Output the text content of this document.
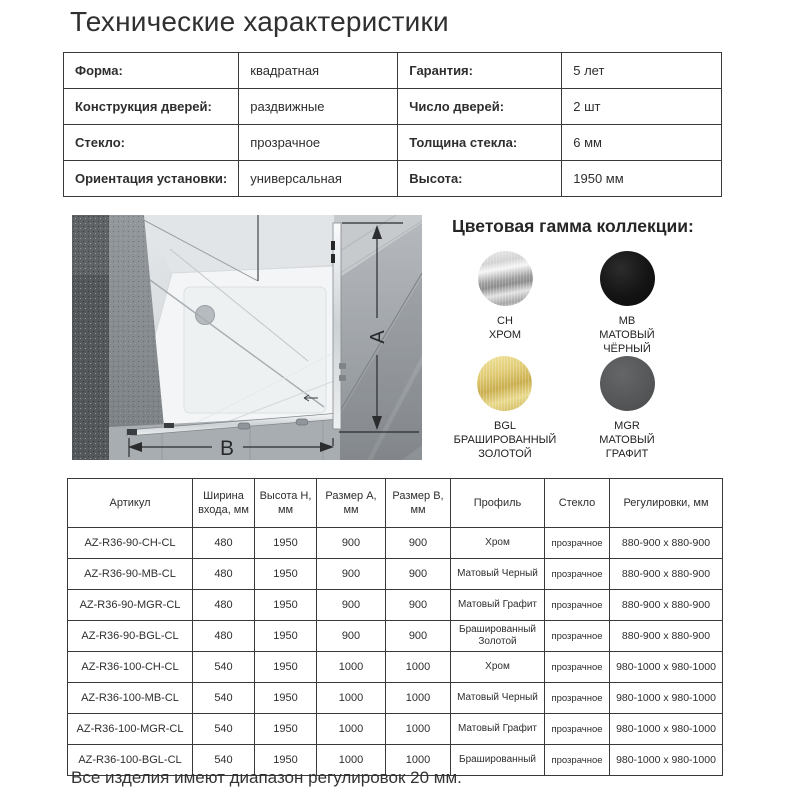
Технические характеристики
Форма:	квадратная	Гарантия:	5 лет
Конструкция дверей:	раздвижные	Число дверей:	2 шт
Стекло:	прозрачное	Толщина стекла:	6 мм
Ориентация установки:	универсальная	Высота:	1950 мм
A
B
Цветовая гамма коллекции:
CH
ХРОМ
MB
МАТОВЫЙ
ЧЁРНЫЙ
BGL
БРАШИРОВАННЫЙ
ЗОЛОТОЙ
MGR
МАТОВЫЙ
ГРАФИТ
Артикул	Ширина входа, мм	Высота H, мм	Размер A, мм	Размер B, мм	Профиль	Стекло	Регулировки, мм
AZ-R36-90-CH-CL	480	1950	900	900	Хром	прозрачное	880-900 x 880-900
AZ-R36-90-MB-CL	480	1950	900	900	Матовый Черный	прозрачное	880-900 x 880-900
AZ-R36-90-MGR-CL	480	1950	900	900	Матовый Графит	прозрачное	880-900 x 880-900
AZ-R36-90-BGL-CL	480	1950	900	900	Брашированный Золотой	прозрачное	880-900 x 880-900
AZ-R36-100-CH-CL	540	1950	1000	1000	Хром	прозрачное	980-1000 x 980-1000
AZ-R36-100-MB-CL	540	1950	1000	1000	Матовый Черный	прозрачное	980-1000 x 980-1000
AZ-R36-100-MGR-CL	540	1950	1000	1000	Матовый Графит	прозрачное	980-1000 x 980-1000
AZ-R36-100-BGL-CL	540	1950	1000	1000	Брашированный	прозрачное	980-1000 x 980-1000
Все изделия имеют диапазон регулировок 20 мм.
